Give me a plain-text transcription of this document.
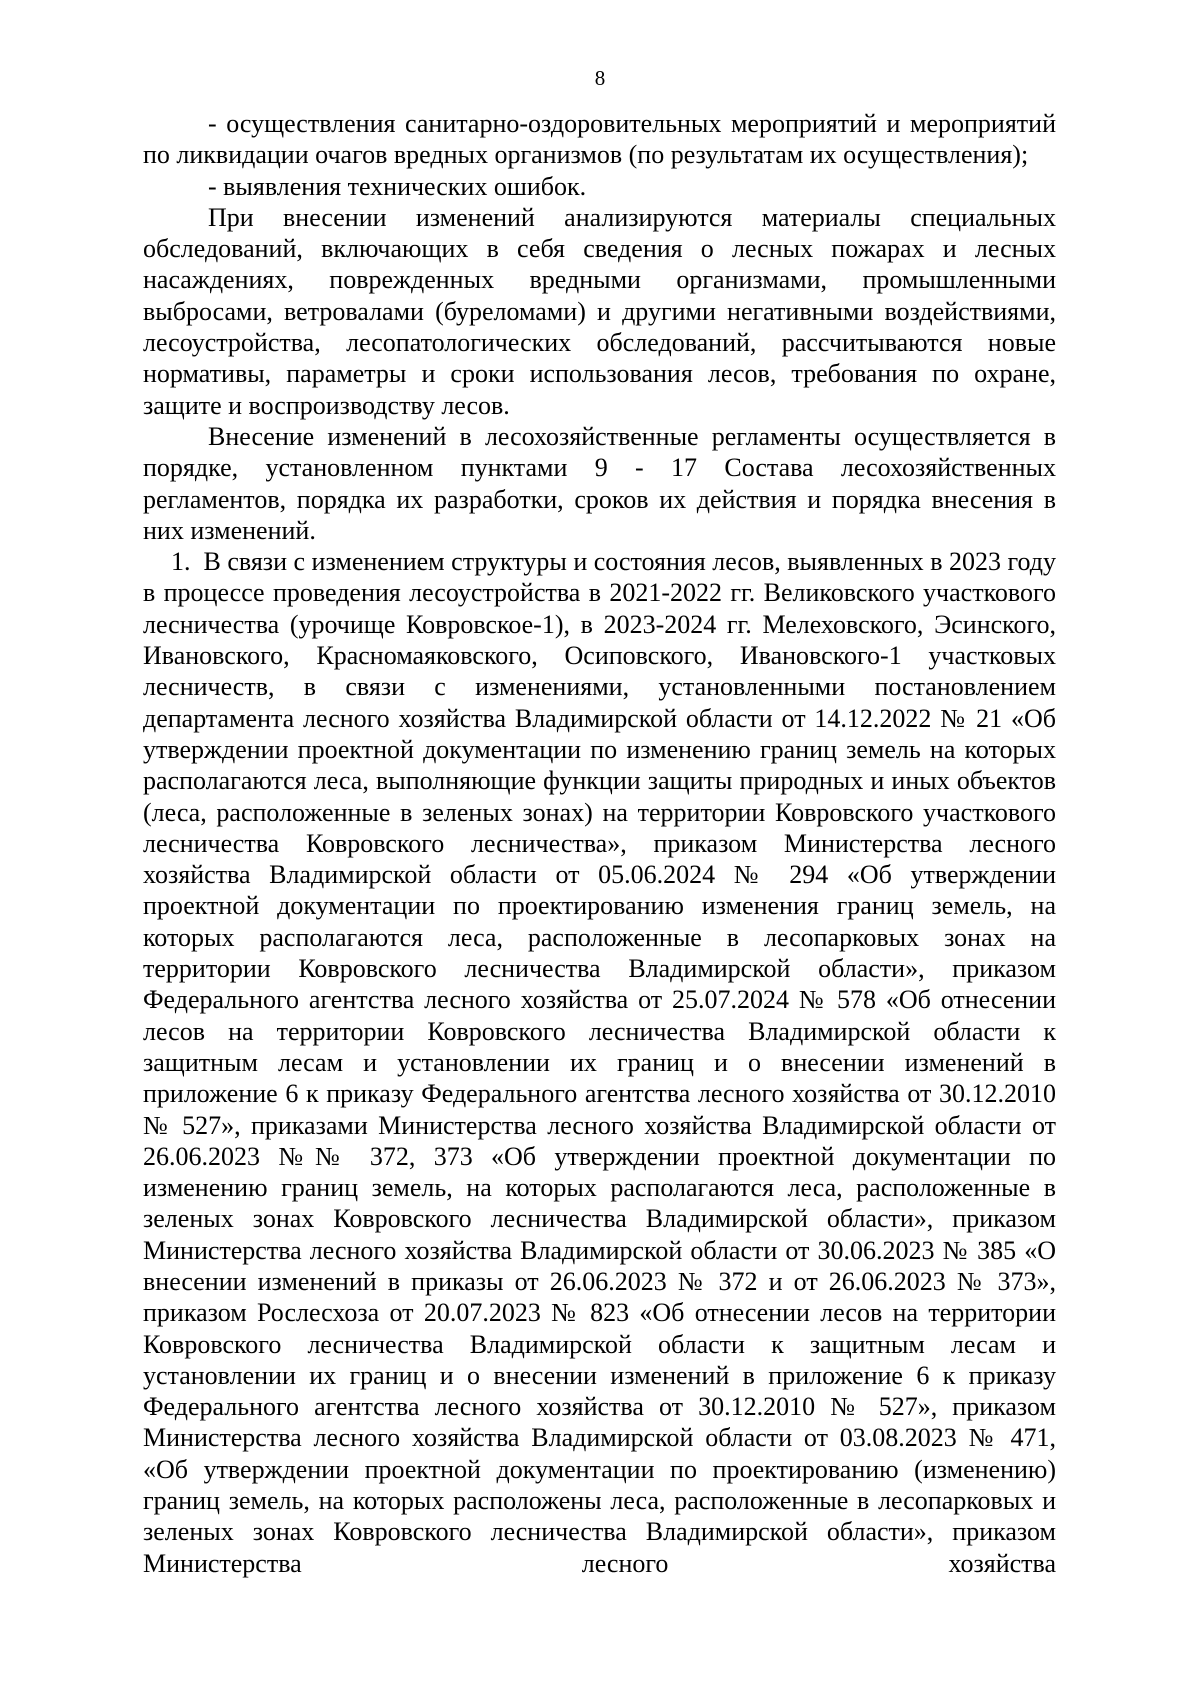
8

- осуществления санитарно-оздоровительных мероприятий и мероприятий по ликвидации очагов вредных организмов (по результатам их осуществления);

- выявления технических ошибок.

При внесении изменений анализируются материалы специальных обследований, включающих в себя сведения о лесных пожарах и лесных насаждениях, поврежденных вредными организмами, промышленными выбросами, ветровалами (буреломами) и другими негативными воздействиями, лесоустройства, лесопатологических обследований, рассчитываются новые нормативы, параметры и сроки использования лесов, требования по охране, защите и воспроизводству лесов.

Внесение изменений в лесохозяйственные регламенты осуществляется в порядке, установленном пунктами 9 - 17 Состава лесохозяйственных регламентов, порядка их разработки, сроков их действия и порядка внесения в них изменений.

1.  В связи с изменением структуры и состояния лесов, выявленных в 2023 году в процессе проведения лесоустройства в 2021-2022 гг. Великовского участкового лесничества (урочище Ковровское-1), в 2023-2024 гг. Мелеховского, Эсинского, Ивановского, Красномаяковского, Осиповского, Ивановского-1 участковых лесничеств, в связи с изменениями, установленными постановлением департамента лесного хозяйства Владимирской области от 14.12.2022 № 21 «Об утверждении проектной документации по изменению границ земель на которых располагаются леса, выполняющие функции защиты природных и иных объектов (леса, расположенные в зеленых зонах) на территории Ковровского участкового лесничества Ковровского лесничества», приказом Министерства лесного хозяйства Владимирской области от 05.06.2024 № 294 «Об утверждении проектной документации по проектированию изменения границ земель, на которых располагаются леса, расположенные в лесопарковых зонах на территории Ковровского лесничества Владимирской области», приказом Федерального агентства лесного хозяйства от 25.07.2024 № 578 «Об отнесении лесов на территории Ковровского лесничества Владимирской области к защитным лесам и установлении их границ и о внесении изменений в приложение 6 к приказу Федерального агентства лесного хозяйства от 30.12.2010 № 527», приказами Министерства лесного хозяйства Владимирской области от 26.06.2023 №№ 372, 373 «Об утверждении проектной документации по изменению границ земель, на которых располагаются леса, расположенные в зеленых зонах Ковровского лесничества Владимирской области», приказом Министерства лесного хозяйства Владимирской области от 30.06.2023 № 385 «О внесении изменений в приказы от 26.06.2023 № 372 и от 26.06.2023 № 373», приказом Рослесхоза от 20.07.2023 № 823 «Об отнесении лесов на территории Ковровского лесничества Владимирской области к защитным лесам и установлении их границ и о внесении изменений в приложение 6 к приказу Федерального агентства лесного хозяйства от 30.12.2010 № 527», приказом Министерства лесного хозяйства Владимирской области от 03.08.2023 № 471, «Об утверждении проектной документации по проектированию (изменению) границ земель, на которых расположены леса, расположенные в лесопарковых и зеленых зонах Ковровского лесничества Владимирской области», приказом Министерства лесного хозяйства
